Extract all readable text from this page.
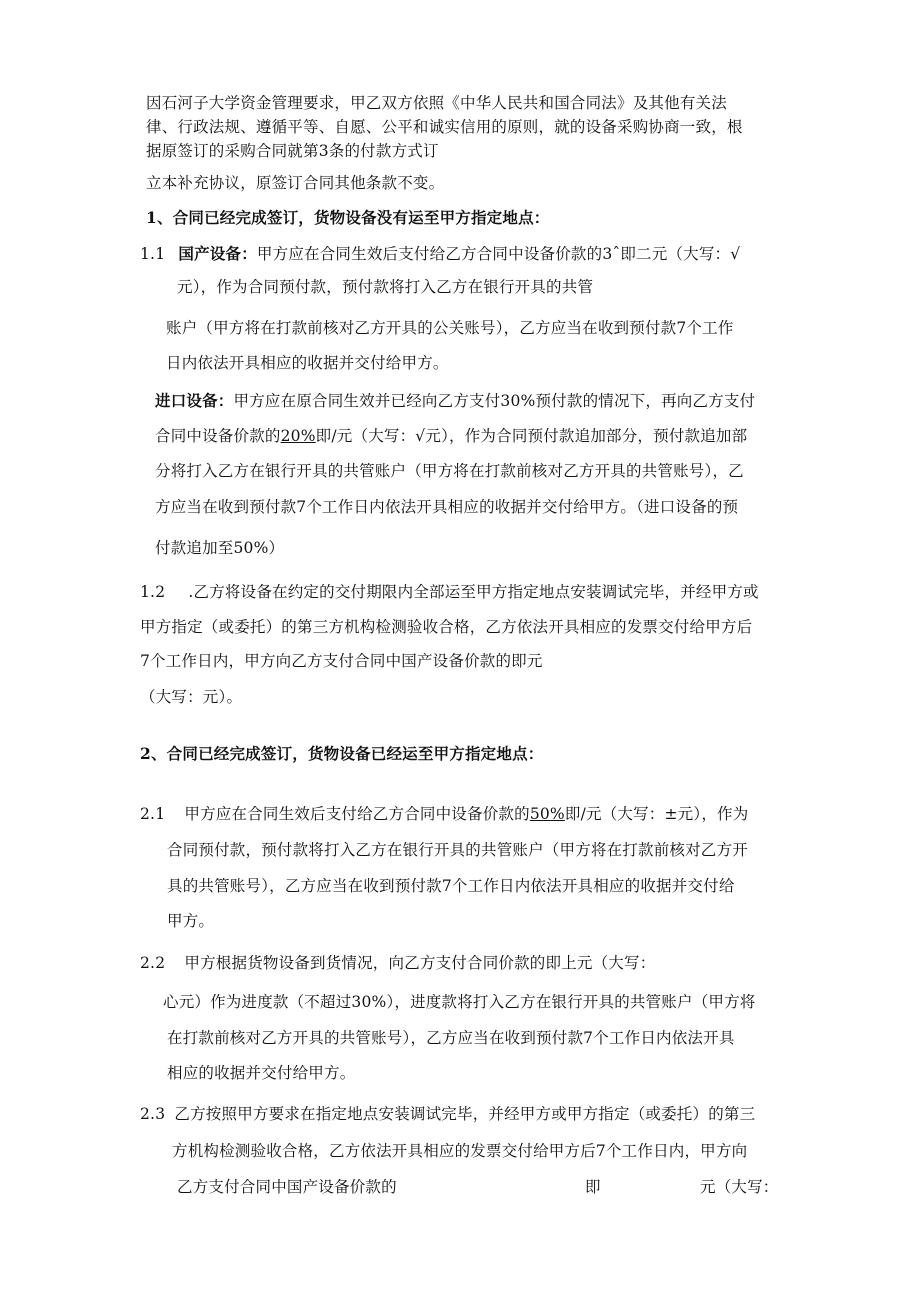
因石河子大学资金管理要求，甲乙双方依照《中华人民共和国合同法》及其他有关法
律、行政法规、遵循平等、自愿、公平和诚实信用的原则，就的设备采购协商一致，根
据原签订的采购合同就第3条的付款方式订
立本补充协议，原签订合同其他条款不变。
1、合同已经完成签订，货物设备没有运至甲方指定地点：
1.1 国产设备：甲方应在合同生效后支付给乙方合同中设备价款的3ˆ即二元（大写：√
元），作为合同预付款，预付款将打入乙方在银行开具的共管
账户（甲方将在打款前核对乙方开具的公关账号），乙方应当在收到预付款7个工作
日内依法开具相应的收据并交付给甲方。
进口设备：甲方应在原合同生效并已经向乙方支付30%预付款的情况下，再向乙方支付
合同中设备价款的20%即/元（大写：√元），作为合同预付款追加部分，预付款追加部
分将打入乙方在银行开具的共管账户（甲方将在打款前核对乙方开具的共管账号），乙
方应当在收到预付款7个工作日内依法开具相应的收据并交付给甲方。（进口设备的预
付款追加至50%）
1.2 .乙方将设备在约定的交付期限内全部运至甲方指定地点安装调试完毕，并经甲方或
甲方指定（或委托）的第三方机构检测验收合格，乙方依法开具相应的发票交付给甲方后
7个工作日内，甲方向乙方支付合同中国产设备价款的即元
（大写：元）。
2、合同已经完成签订，货物设备已经运至甲方指定地点：
2.1 甲方应在合同生效后支付给乙方合同中设备价款的50%即/元（大写：±元），作为
合同预付款，预付款将打入乙方在银行开具的共管账户（甲方将在打款前核对乙方开
具的共管账号），乙方应当在收到预付款7个工作日内依法开具相应的收据并交付给
甲方。
2.2 甲方根据货物设备到货情况，向乙方支付合同价款的即上元（大写：
心元）作为进度款（不超过30%），进度款将打入乙方在银行开具的共管账户（甲方将
在打款前核对乙方开具的共管账号），乙方应当在收到预付款7个工作日内依法开具
相应的收据并交付给甲方。
2.3 乙方按照甲方要求在指定地点安装调试完毕，并经甲方或甲方指定（或委托）的第三
方机构检测验收合格，乙方依法开具相应的发票交付给甲方后7个工作日内，甲方向
乙方支付合同中国产设备价款的	即	元（大写：
